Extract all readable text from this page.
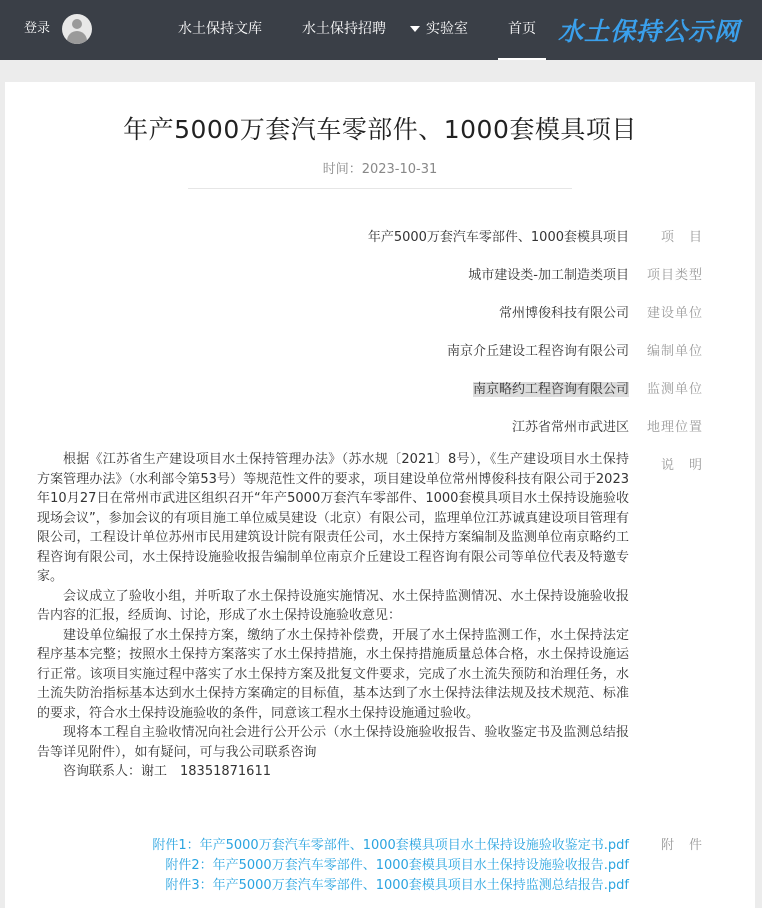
水土保持公示网
首页
实验室
水土保持招聘
水土保持文库
登录
年产5000万套汽车零部件、1000套模具项目
时间：2023-10-31
项　目
年产5000万套汽车零部件、1000套模具项目
项目类型
城市建设类-加工制造类项目
建设单位
常州博俊科技有限公司
编制单位
南京介丘建设工程咨询有限公司
监测单位
南京略约工程咨询有限公司
地理位置
江苏省常州市武进区
说　明

根据《江苏省生产建设项目水土保持管理办法》（苏水规〔2021〕8号），《生产建设项目水土保持方案管理办法》（水利部令第53号）等规范性文件的要求，项目建设单位常州博俊科技有限公司于2023年10月27日在常州市武进区组织召开“年产5000万套汽车零部件、1000套模具项目水土保持设施验收现场会议”，参加会议的有项目施工单位威昊建设（北京）有限公司，监理单位江苏诚真建设项目管理有限公司，工程设计单位苏州市民用建筑设计院有限责任公司，水土保持方案编制及监测单位南京略约工程咨询有限公司，水土保持设施验收报告编制单位南京介丘建设工程咨询有限公司等单位代表及特邀专家。

会议成立了验收小组，并听取了水土保持设施实施情况、水土保持监测情况、水土保持设施验收报告内容的汇报，经质询、讨论，形成了水土保持设施验收意见：

建设单位编报了水土保持方案，缴纳了水土保持补偿费，开展了水土保持监测工作，水土保持法定程序基本完整；按照水土保持方案落实了水土保持措施，水土保持措施质量总体合格，水土保持设施运行正常。该项目实施过程中落实了水土保持方案及批复文件要求，完成了水土流失预防和治理任务，水土流失防治指标基本达到水土保持方案确定的目标值，基本达到了水土保持法律法规及技术规范、标准的要求，符合水土保持设施验收的条件，同意该工程水土保持设施通过验收。

现将本工程自主验收情况向社会进行公开公示（水土保持设施验收报告、验收鉴定书及监测总结报告等详见附件），如有疑问，可与我公司联系咨询

咨询联系人：谢工　18351871611

附　件
附件1：年产5000万套汽车零部件、1000套模具项目水土保持设施验收鉴定书.pdf
附件2：年产5000万套汽车零部件、1000套模具项目水土保持设施验收报告.pdf
附件3：年产5000万套汽车零部件、1000套模具项目水土保持监测总结报告.pdf
